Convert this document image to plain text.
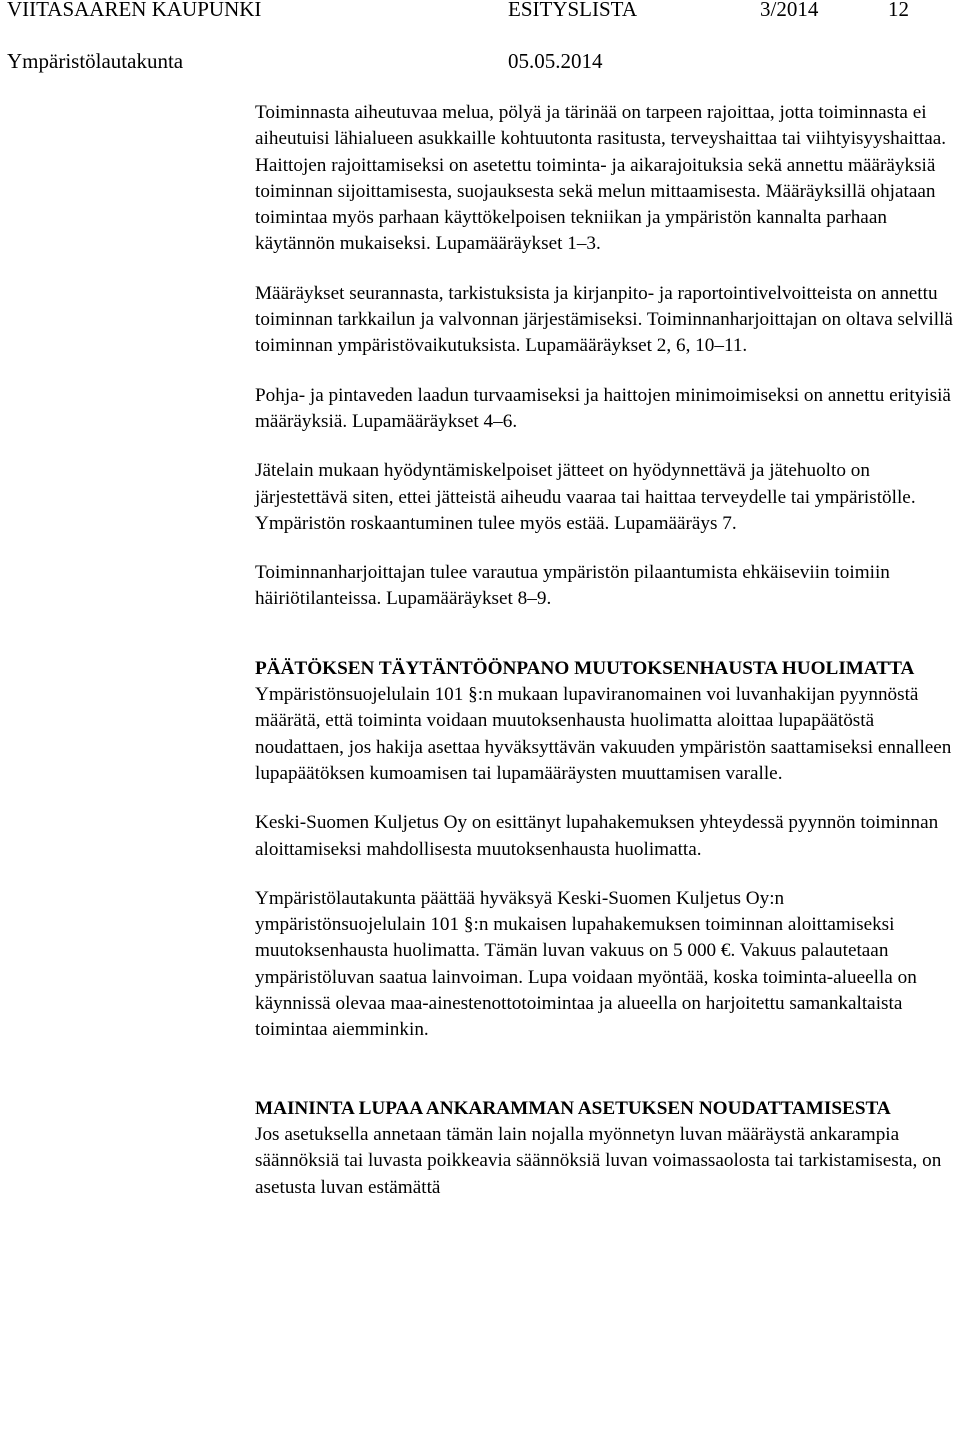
VIITASAAREN KAUPUNKI	ESITYSLISTA	3/2014	12
Ympäristölautakunta	05.05.2014

Toiminnasta aiheutuvaa melua, pölyä ja tärinää on tarpeen rajoittaa, jotta toiminnasta ei aiheutuisi lähialueen asukkaille kohtuutonta rasitusta, terveyshaittaa tai viihtyisyyshaittaa. Haittojen rajoittamiseksi on asetettu toiminta- ja aikarajoituksia sekä annettu määräyksiä toiminnan sijoittamisesta, suojauksesta sekä melun mittaamisesta. Määräyksillä ohjataan toimintaa myös parhaan käyttökelpoisen tekniikan ja ympäristön kannalta parhaan käytännön mukaiseksi. Lupamääräykset 1–3.

Määräykset seurannasta, tarkistuksista ja kirjanpito- ja raportointivelvoitteista on annettu toiminnan tarkkailun ja valvonnan järjestämiseksi. Toiminnanharjoittajan on oltava selvillä toiminnan ympäristövaikutuksista. Lupamääräykset 2, 6, 10–11.

Pohja- ja pintaveden laadun turvaamiseksi ja haittojen minimoimiseksi on annettu erityisiä määräyksiä. Lupamääräykset 4–6.

Jätelain mukaan hyödyntämiskelpoiset jätteet on hyödynnettävä ja jätehuolto on järjestettävä siten, ettei jätteistä aiheudu vaaraa tai haittaa terveydelle tai ympäristölle. Ympäristön roskaantuminen tulee myös estää. Lupamääräys 7.

Toiminnanharjoittajan tulee varautua ympäristön pilaantumista ehkäiseviin toimiin häiriötilanteissa. Lupamääräykset 8–9.

PÄÄTÖKSEN TÄYTÄNTÖÖNPANO MUUTOKSENHAUSTA HUOLIMATTA

Ympäristönsuojelulain 101 §:n mukaan lupaviranomainen voi luvanhakijan pyynnöstä määrätä, että toiminta voidaan muutoksenhausta huolimatta aloittaa lupapäätöstä noudattaen, jos hakija asettaa hyväksyttävän vakuuden ympäristön saattamiseksi ennalleen lupapäätöksen kumoamisen tai lupamääräysten muuttamisen varalle.

Keski-Suomen Kuljetus Oy on esittänyt lupahakemuksen yhteydessä pyynnön toiminnan aloittamiseksi mahdollisesta muutoksenhausta huolimatta.

Ympäristölautakunta päättää hyväksyä Keski-Suomen Kuljetus Oy:n ympäristönsuojelulain 101 §:n mukaisen lupahakemuksen toiminnan aloittamiseksi muutoksenhausta huolimatta. Tämän luvan vakuus on 5 000 €. Vakuus palautetaan ympäristöluvan saatua lainvoiman. Lupa voidaan myöntää, koska toiminta-alueella on käynnissä olevaa maa-ainestenottotoimintaa ja alueella on harjoitettu samankaltaista toimintaa aiemminkin.

MAININTA LUPAA ANKARAMMAN ASETUKSEN NOUDATTAMISESTA

Jos asetuksella annetaan tämän lain nojalla myönnetyn luvan määräystä ankarampia säännöksiä tai luvasta poikkeavia säännöksiä luvan voimassaolosta tai tarkistamisesta, on asetusta luvan estämättä
